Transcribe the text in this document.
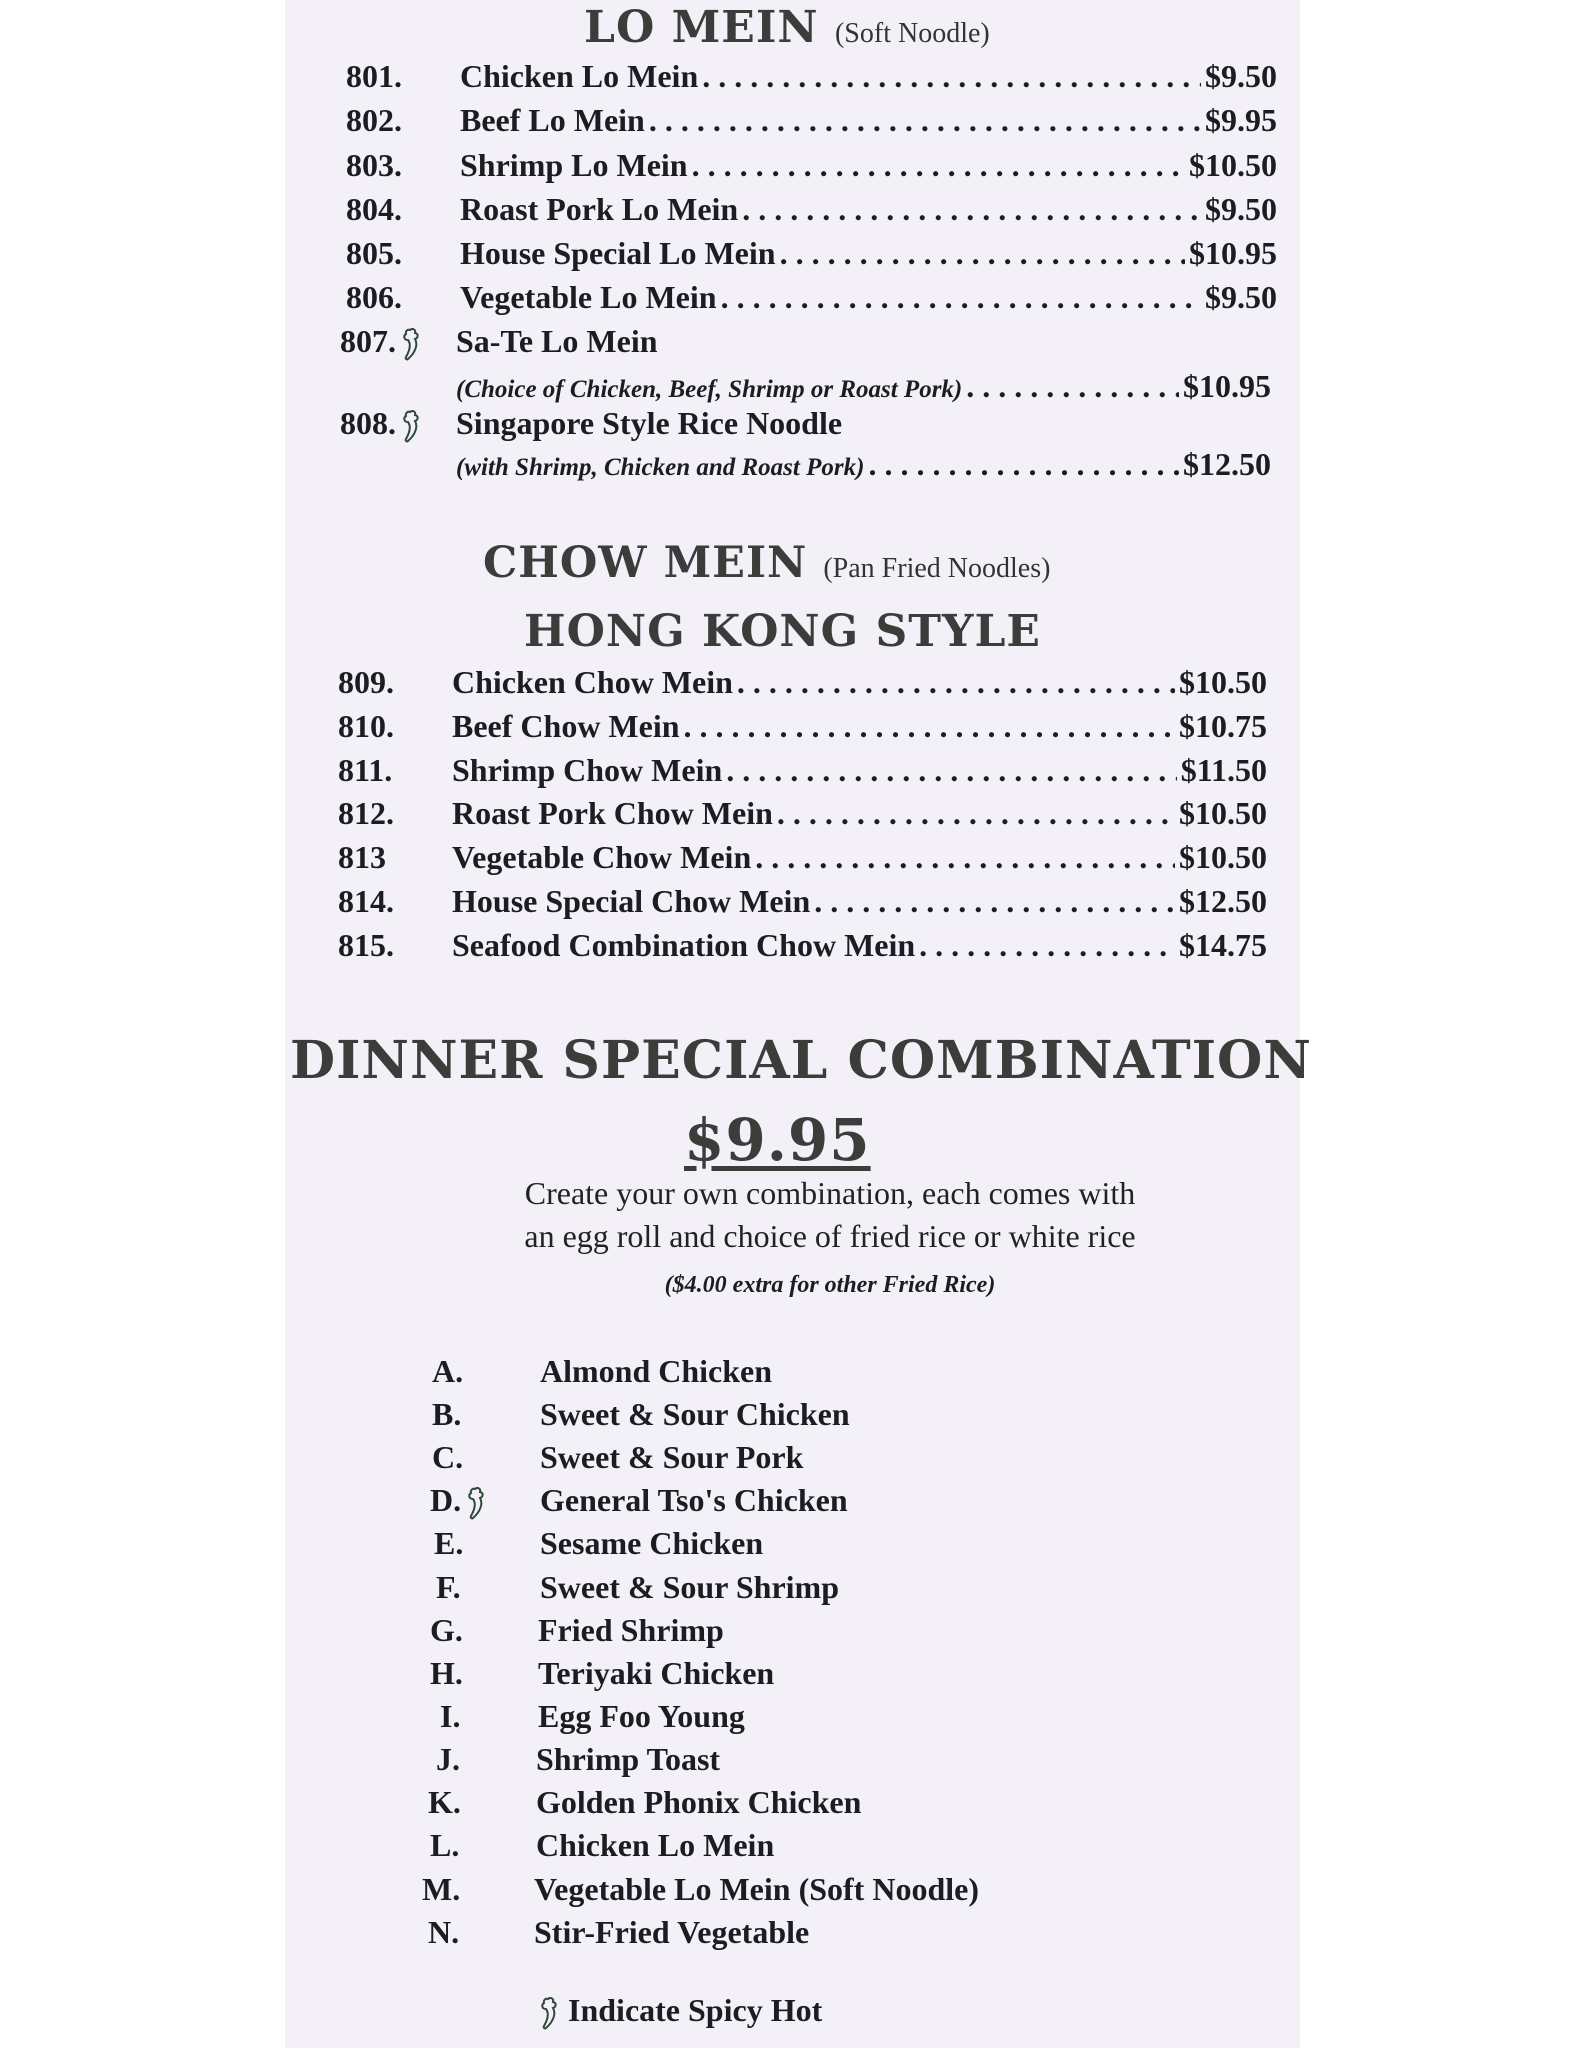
LO MEIN (Soft Noodle)
801. Chicken Lo Mein . . .	$9.50
802. Beef Lo Mein . . .	$9.95
803. Shrimp Lo Mein . . .	$10.50
804. Roast Pork Lo Mein . . .	$9.50
805. House Special Lo Mein . . .	$10.95
806. Vegetable Lo Mein . . .	$9.50
807.	Sa-Te Lo Mein
(Choice of Chicken, Beef, Shrimp or Roast Pork) . . .	$10.95
808.	Singapore Style Rice Noodle
(with Shrimp, Chicken and Roast Pork) . . .	$12.50
CHOW MEIN (Pan Fried Noodles)
HONG KONG STYLE
809. Chicken Chow Mein . . .	$10.50
810. Beef Chow Mein . . .	$10.75
811. Shrimp Chow Mein . . .	$11.50
812. Roast Pork Chow Mein . . .	$10.50
813 Vegetable Chow Mein . . .	$10.50
814. House Special Chow Mein . . .	$12.50
815. Seafood Combination Chow Mein . . .	$14.75
DINNER SPECIAL COMBINATION
$9.95
Create your own combination, each comes with
an egg roll and choice of fried rice or white rice
($4.00 extra for other Fried Rice)
A. Almond Chicken
B. Sweet & Sour Chicken
C. Sweet & Sour Pork
D.	General Tso's Chicken
E. Sesame Chicken
F. Sweet & Sour Shrimp
G. Fried Shrimp
H. Teriyaki Chicken
I. Egg Foo Young
J. Shrimp Toast
K. Golden Phonix Chicken
L. Chicken Lo Mein
M. Vegetable Lo Mein (Soft Noodle)
N. Stir-Fried Vegetable
Indicate Spicy Hot
